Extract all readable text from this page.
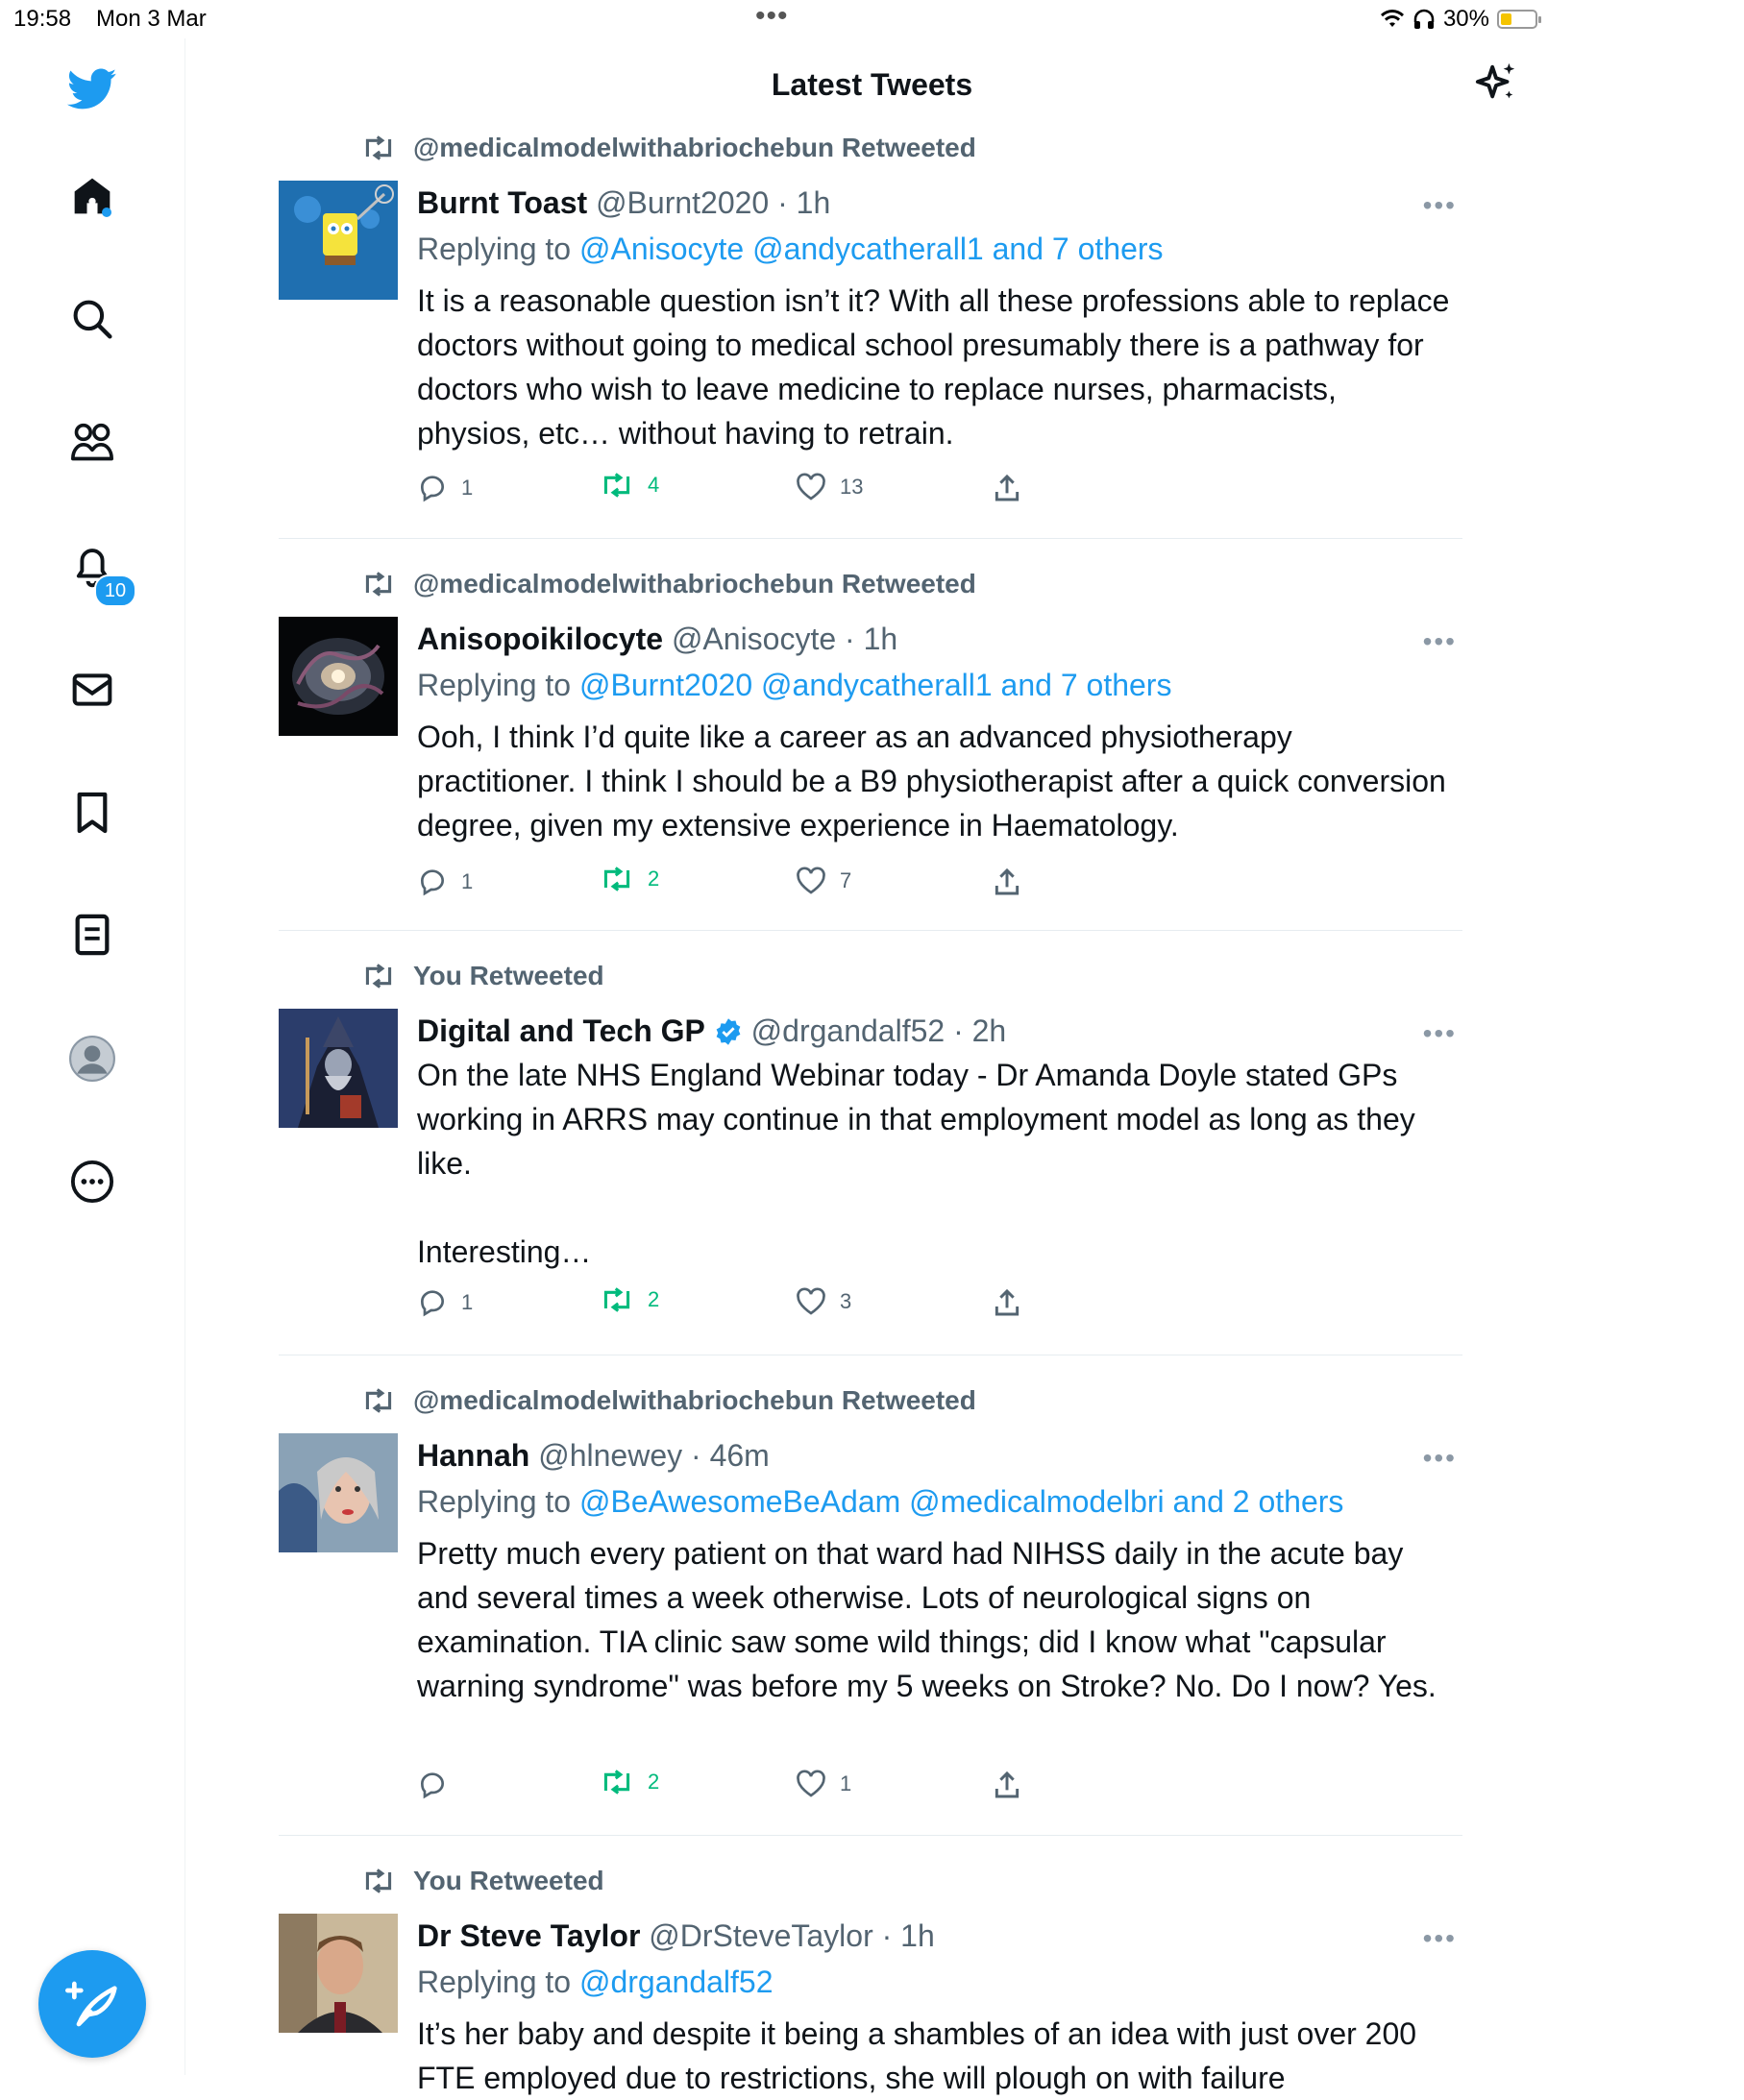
19:58 Mon 3 Mar	•••	30%
10
Latest Tweets
@medicalmodelwithabriochebun Retweeted
Burnt Toast @Burnt2020 · 1h
Replying to @Anisocyte @andycatherall1 and 7 others
It is a reasonable question isn’t it? With all these professions able to replace doctors without going to medical school presumably there is a pathway for doctors who wish to leave medicine to replace nurses, pharmacists, physios, etc… without having to retrain.
•••
1	4	13
@medicalmodelwithabriochebun Retweeted
Anisopoikilocyte @Anisocyte · 1h
Replying to @Burnt2020 @andycatherall1 and 7 others
Ooh, I think I’d quite like a career as an advanced physiotherapy practitioner. I think I should be a B9 physiotherapist after a quick conversion degree, given my extensive experience in Haematology.
•••
1	2	7
You Retweeted
Digital and Tech GP @drgandalf52 · 2h
On the late NHS England Webinar today - Dr Amanda Doyle stated GPs working in ARRS may continue in that employment model as long as they like.

Interesting…
•••
1	2	3
@medicalmodelwithabriochebun Retweeted
Hannah @hlnewey · 46m
Replying to @BeAwesomeBeAdam @medicalmodelbri and 2 others
Pretty much every patient on that ward had NIHSS daily in the acute bay and several times a week otherwise. Lots of neurological signs on examination. TIA clinic saw some wild things; did I know what "capsular warning syndrome" was before my 5 weeks on Stroke? No. Do I now? Yes.
•••
2	1
You Retweeted
Dr Steve Taylor @DrSteveTaylor · 1h
Replying to @drgandalf52
It’s her baby and despite it being a shambles of an idea with just over 200 FTE employed due to restrictions, she will plough on with failure
•••
